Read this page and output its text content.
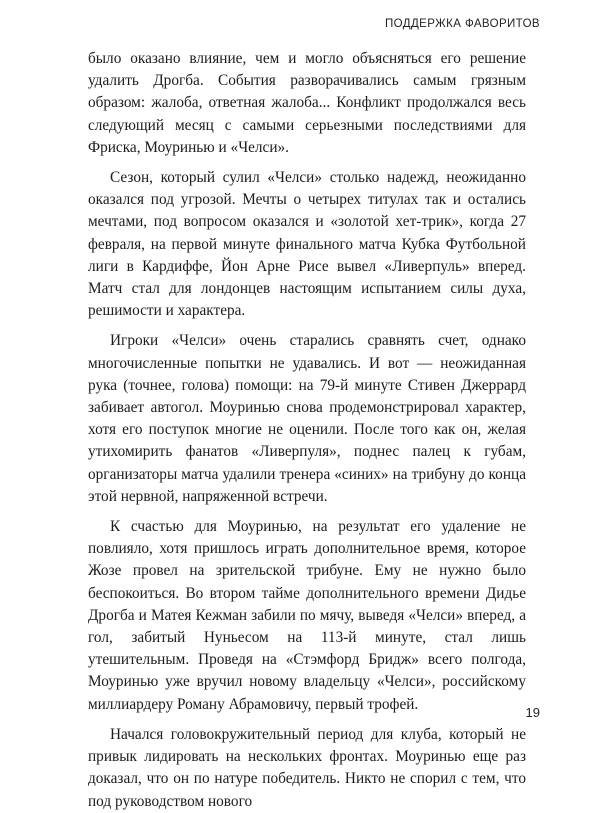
ПОДДЕРЖКА ФАВОРИТОВ

было оказано влияние, чем и могло объясняться его решение удалить Дрогба. События разворачивались самым грязным образом: жалоба, ответная жалоба... Конфликт продолжался весь следующий месяц с самыми серьезными последствиями для Фриска, Моуринью и «Челси».

Сезон, который сулил «Челси» столько надежд, неожиданно оказался под угрозой. Мечты о четырех титулах так и остались мечтами, под вопросом оказался и «золотой хет-трик», когда 27 февраля, на первой минуте финального матча Кубка Футбольной лиги в Кардиффе, Йон Арне Рисе вывел «Ливерпуль» вперед. Матч стал для лондонцев настоящим испытанием силы духа, решимости и характера.

Игроки «Челси» очень старались сравнять счет, однако многочисленные попытки не удавались. И вот — неожиданная рука (точнее, голова) помощи: на 79-й минуте Стивен Джеррард забивает автогол. Моуринью снова продемонстрировал характер, хотя его поступок многие не оценили. После того как он, желая утихомирить фанатов «Ливерпуля», поднес палец к губам, организаторы матча удалили тренера «синих» на трибуну до конца этой нервной, напряженной встречи.

К счастью для Моуринью, на результат его удаление не повлияло, хотя пришлось играть дополнительное время, которое Жозе провел на зрительской трибуне. Ему не нужно было беспокоиться. Во втором тайме дополнительного времени Дидье Дрогба и Матея Кежман забили по мячу, выведя «Челси» вперед, а гол, забитый Нуньесом на 113-й минуте, стал лишь утешительным. Проведя на «Стэмфорд Бридж» всего полгода, Моуринью уже вручил новому владельцу «Челси», российскому миллиардеру Роману Абрамовичу, первый трофей.

Начался головокружительный период для клуба, который не привык лидировать на нескольких фронтах. Моуринью еще раз доказал, что он по натуре победитель. Никто не спорил с тем, что под руководством нового

19
